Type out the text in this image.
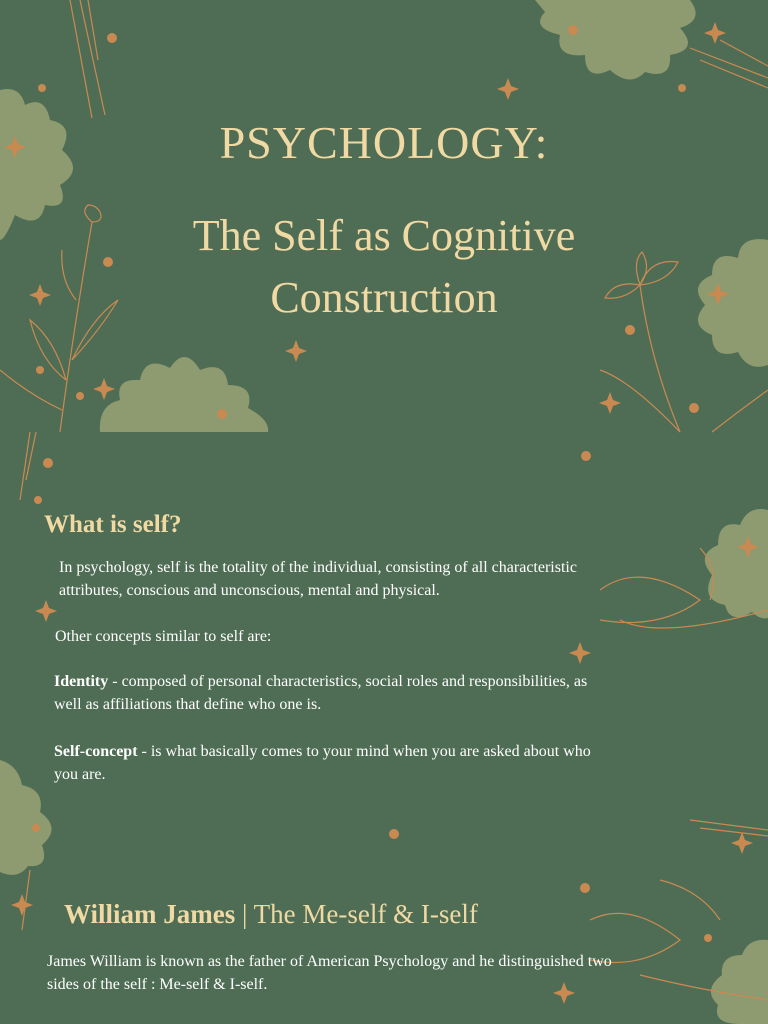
PSYCHOLOGY:
The Self as Cognitive
Construction
What is self?
In psychology, self is the totality of the individual, consisting of all characteristic
attributes, conscious and unconscious, mental and physical.
Other concepts similar to self are:
Identity - composed of personal characteristics, social roles and responsibilities, as
well as affiliations that define who one is.
Self-concept - is what basically comes to your mind when you are asked about who
you are.
William James | The Me-self & I-self
James William is known as the father of American Psychology and he distinguished two
sides of the self : Me-self & I-self.
